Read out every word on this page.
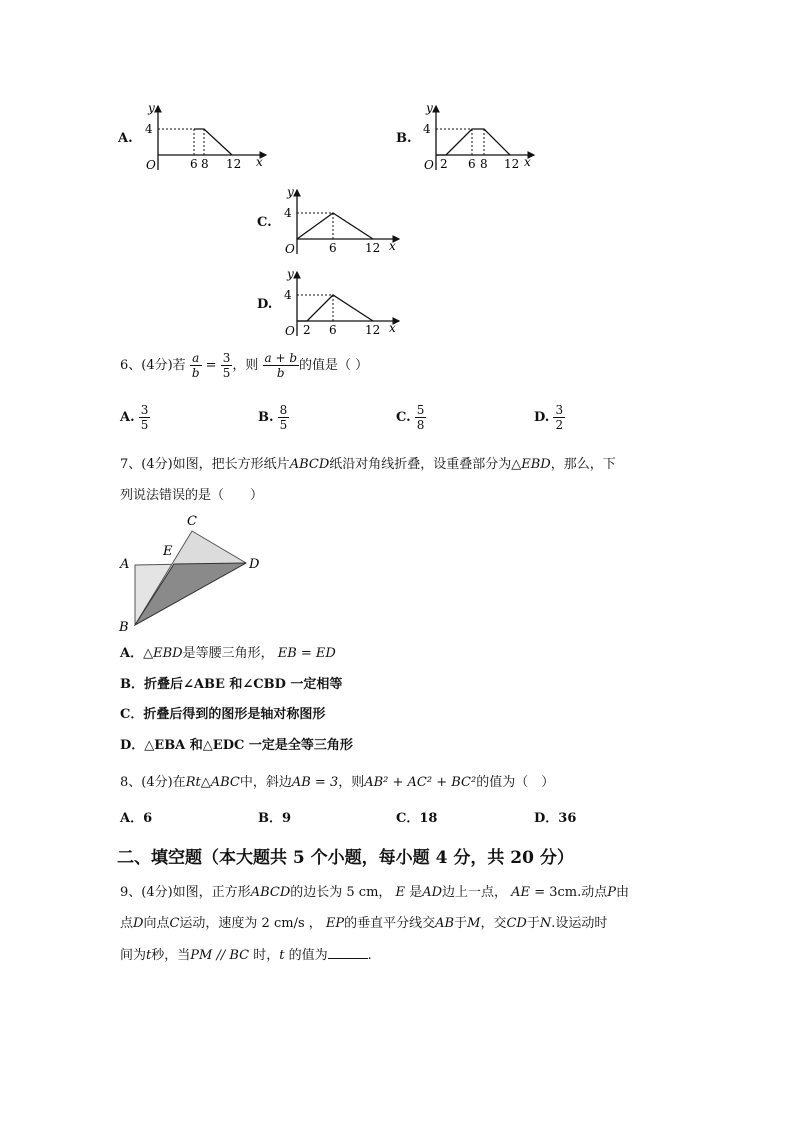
A.
y
4
O	6 8 12 x
B.
y
4
O 2 6 8 12 x
C.
y
4
O	6 12 x
D.
y
4
O 2 6 12 x
6、(4分)若 $\frac{a}{b} = \frac{3}{5}$ ，则 $\frac{a + b}{b}$ 的值是（ ）
A. $\frac{3}{5}$	B. $\frac{8}{5}$	C. $\frac{5}{8}$	D. $\frac{3}{2}$
7、(4分)如图，把长方形纸片ABCD纸沿对角线折叠，设重叠部分为△EBD，那么，下
列说法错误的是（　　）
A
B
C
D
E
A．△EBD是等腰三角形， EB = ED
B．折叠后∠ABE 和∠CBD 一定相等
C．折叠后得到的图形是轴对称图形
D．△EBA 和△EDC 一定是全等三角形
8、(4分)在Rt△ABC中，斜边AB = 3，则AB² + AC² + BC²的值为（　）
A．6	B．9	C．18	D．36
二、填空题（本大题共 5 个小题，每小题 4 分，共 20 分）
9、(4分)如图，正方形ABCD的边长为 5 cm， E 是AD边上一点， AE = 3cm.动点P由
点D向点C运动，速度为 2 cm/s ， EP的垂直平分线交AB于M，交CD于N.设运动时
间为t秒，当PM // BC 时，t 的值为	.
